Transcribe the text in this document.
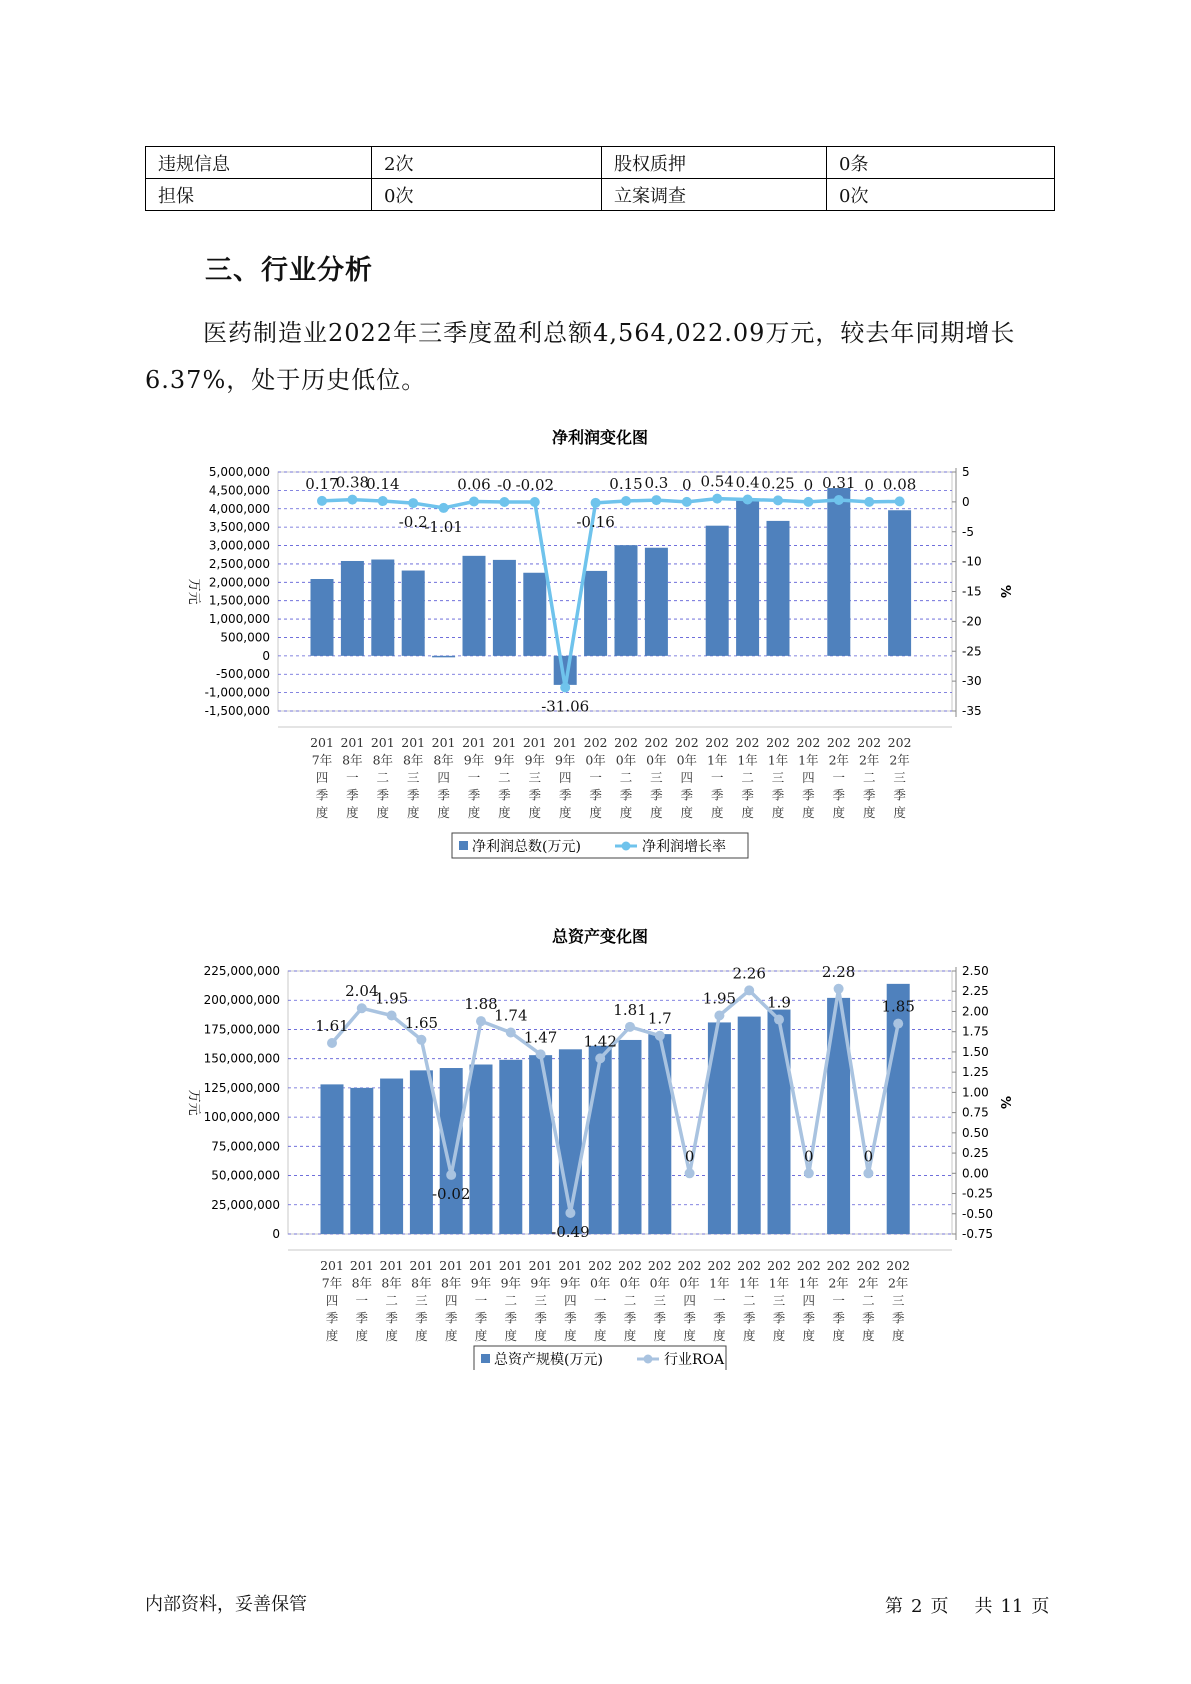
违规信息	2次	股权质押	0条
担保	0次	立案调查	0次
三、行业分析

医药制造业2022年三季度盈利总额4,564,022.09万元，较去年同期增长6.37%，处于历史低位。

净利润变化图
5,000,000
4,500,000
4,000,000
3,500,000
3,000,000
2,500,000
2,000,000
1,500,000
1,000,000
500,000
0
-500,000
-1,000,000
-1,500,000
5
0
-5
-10
-15
-20
-25
-30
-35
万元	%
0.17
0.38
0.14
-0.2
-1.01
0.06 -0 -0.02
-31.06
-0.16
0.15 0.3 0 0.54 0.4 0.25 0 0.31 0 0.08
201 7年四季度
201 8年一季度
201 8年二季度
201 8年三季度
201 8年四季度
201 9年一季度
201 9年二季度
201 9年三季度
201 9年四季度
202 0年一季度
202 0年二季度
202 0年三季度
202 0年四季度
202 1年一季度
202 1年二季度
202 1年三季度
202 1年四季度
202 2年一季度
202 2年二季度
202 2年三季度
净利润总数(万元)	净利润增长率
总资产变化图
225,000,000
200,000,000
175,000,000
150,000,000
125,000,000
100,000,000
75,000,000
50,000,000
25,000,000
0
2.50
2.25
2.00
1.75
1.50
1.25
1.00
0.75
0.50
0.25
0.00
-0.25
-0.50
-0.75
万元	%
1.61
2.04
1.95
1.65
-0.02
1.88
1.74
1.47
-0.49
1.42
1.81 1.7
0
1.95
2.26
1.9
0
2.28
0
1.85
201 7年四季度
201 8年一季度
201 8年二季度
201 8年三季度
201 8年四季度
201 9年一季度
201 9年二季度
201 9年三季度
201 9年四季度
202 0年一季度
202 0年二季度
202 0年三季度
202 0年四季度
202 1年一季度
202 1年二季度
202 1年三季度
202 1年四季度
202 2年一季度
202 2年二季度
202 2年三季度
总资产规模(万元)	行业ROA
内部资料，妥善保管	第 2 页 共 11 页
